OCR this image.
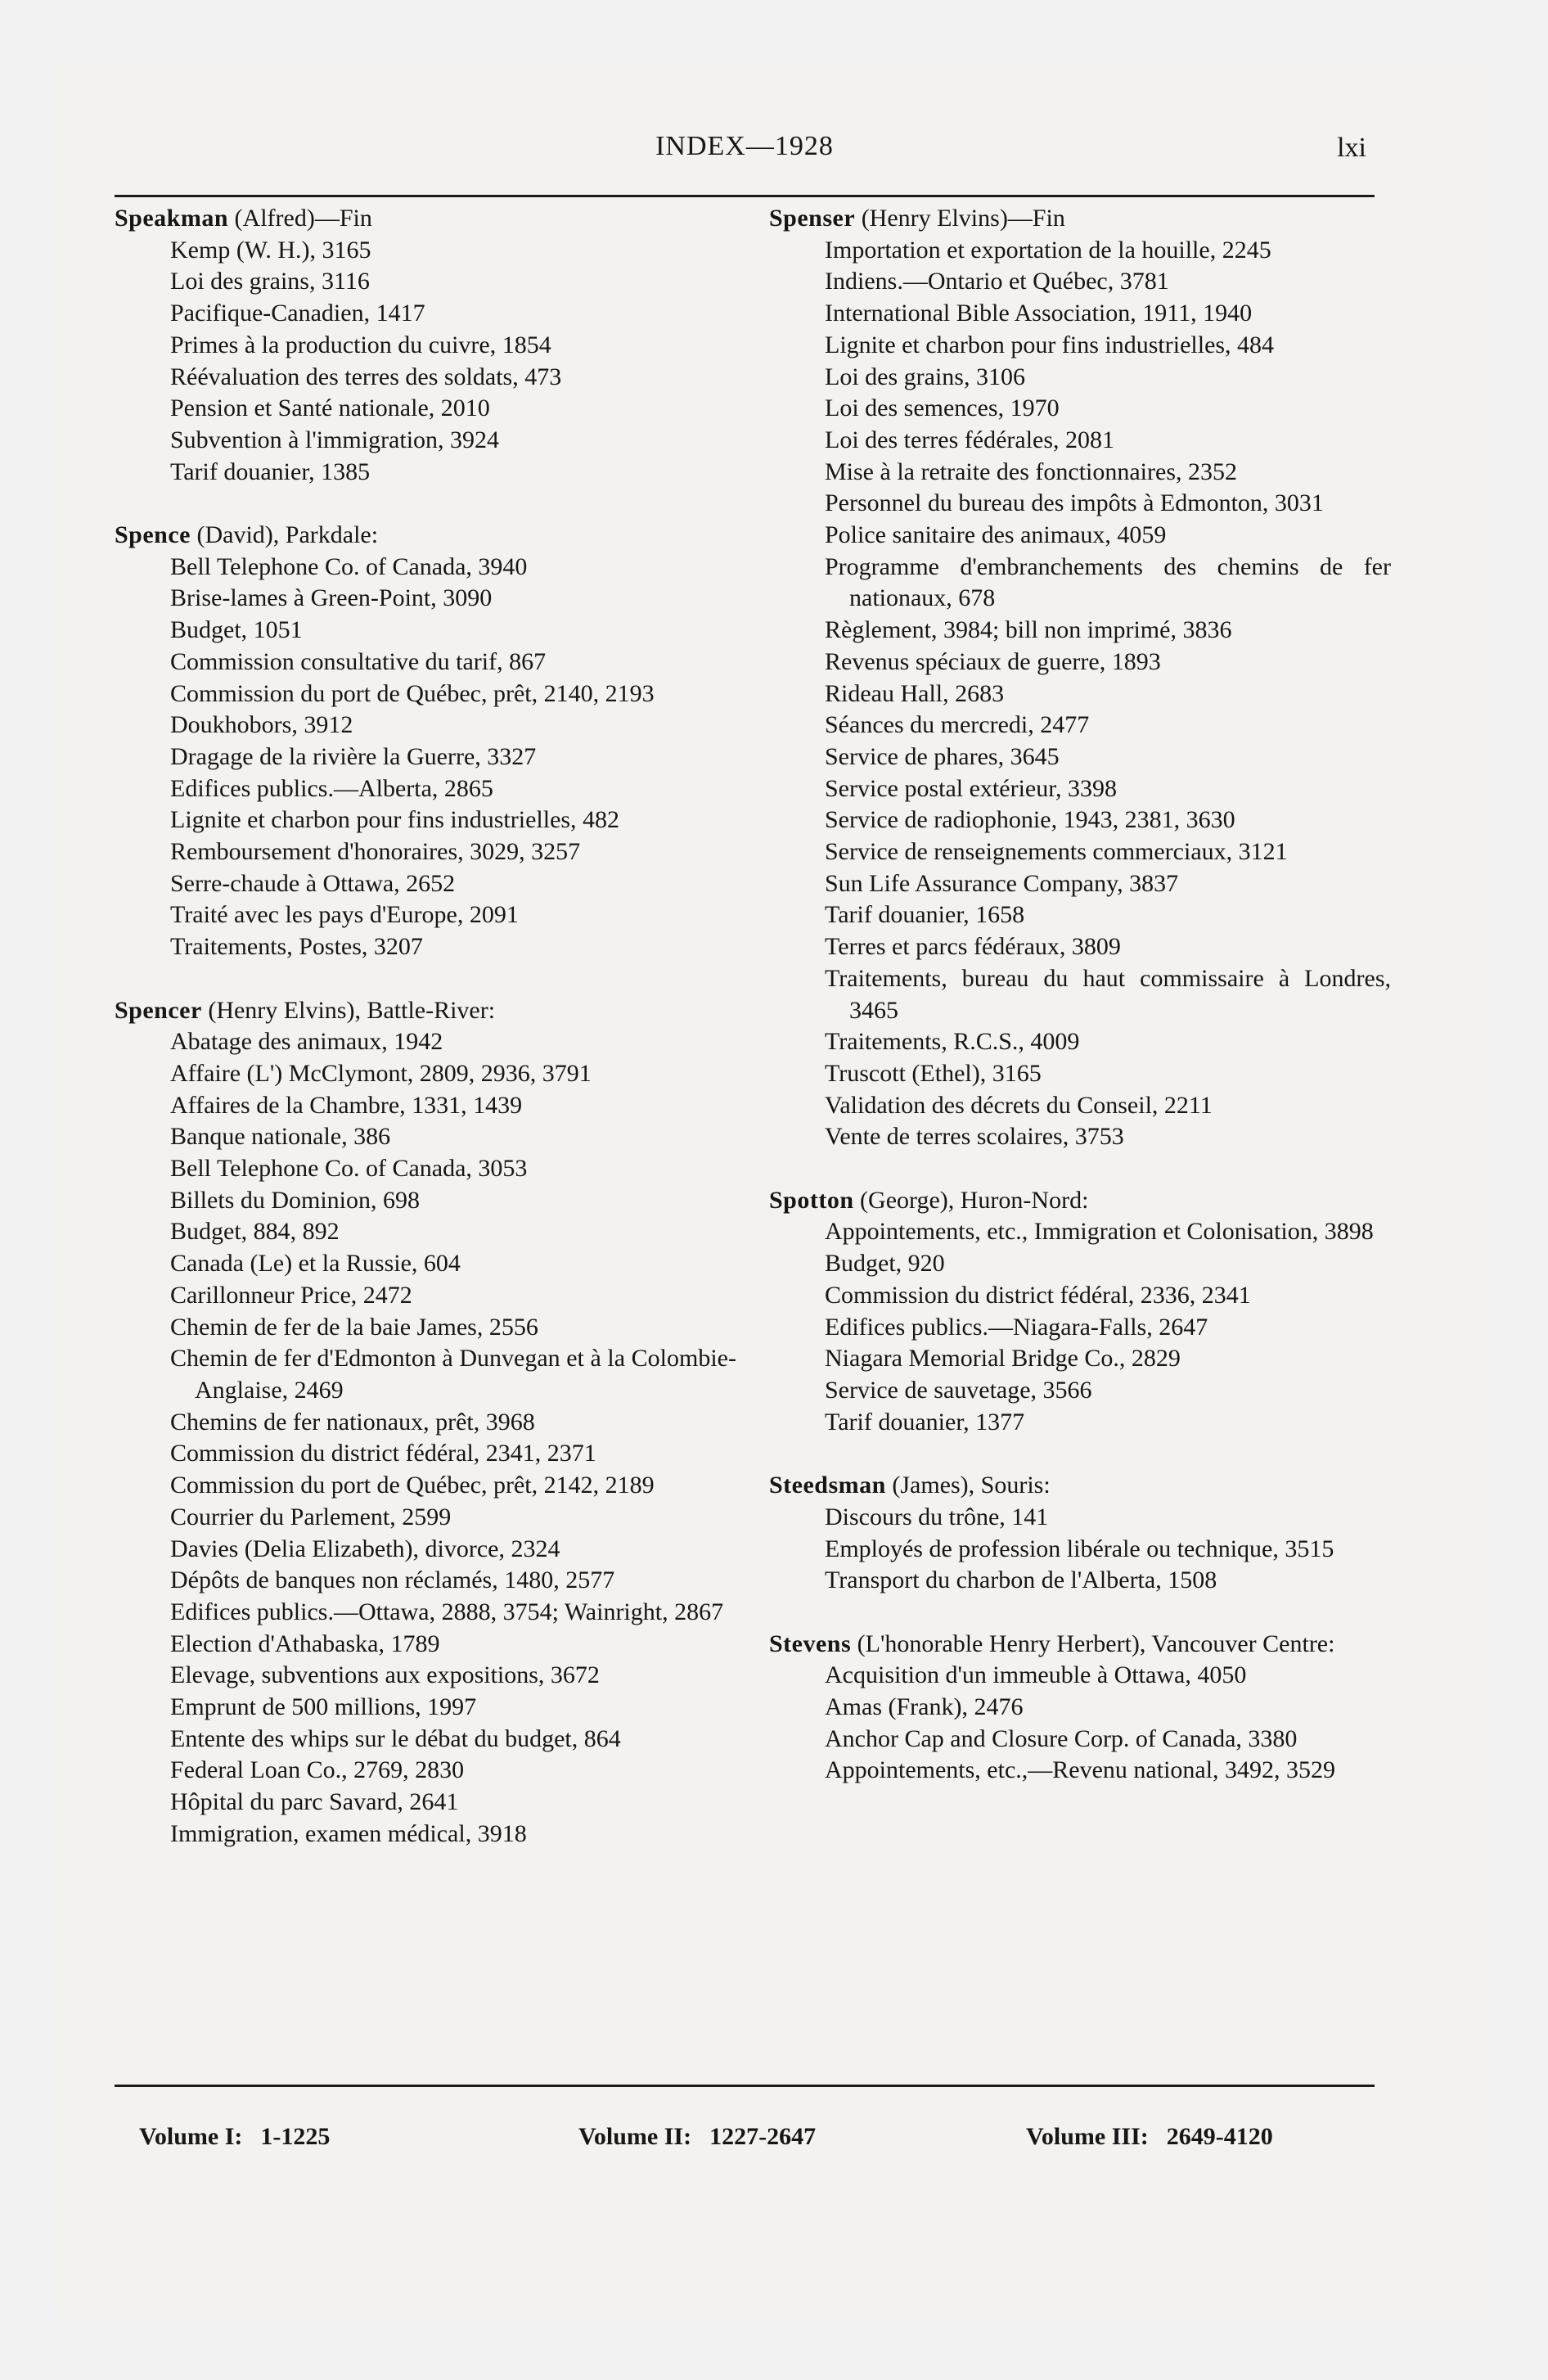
INDEX—1928	lxi
Speakman (Alfred)—Fin
Kemp (W. H.), 3165
Loi des grains, 3116
Pacifique-Canadien, 1417
Primes à la production du cuivre, 1854
Réévaluation des terres des soldats, 473
Pension et Santé nationale, 2010
Subvention à l'immigration, 3924
Tarif douanier, 1385
Spence (David), Parkdale:
Bell Telephone Co. of Canada, 3940
Brise-lames à Green-Point, 3090
Budget, 1051
Commission consultative du tarif, 867
Commission du port de Québec, prêt, 2140, 2193
Doukhobors, 3912
Dragage de la rivière la Guerre, 3327
Edifices publics.—Alberta, 2865
Lignite et charbon pour fins industrielles, 482
Remboursement d'honoraires, 3029, 3257
Serre-chaude à Ottawa, 2652
Traité avec les pays d'Europe, 2091
Traitements, Postes, 3207
Spencer (Henry Elvins), Battle-River:
Abatage des animaux, 1942
Affaire (L') McClymont, 2809, 2936, 3791
Affaires de la Chambre, 1331, 1439
Banque nationale, 386
Bell Telephone Co. of Canada, 3053
Billets du Dominion, 698
Budget, 884, 892
Canada (Le) et la Russie, 604
Carillonneur Price, 2472
Chemin de fer de la baie James, 2556
Chemin de fer d'Edmonton à Dunvegan et à la Colombie-Anglaise, 2469
Chemins de fer nationaux, prêt, 3968
Commission du district fédéral, 2341, 2371
Commission du port de Québec, prêt, 2142, 2189
Courrier du Parlement, 2599
Davies (Delia Elizabeth), divorce, 2324
Dépôts de banques non réclamés, 1480, 2577
Edifices publics.—Ottawa, 2888, 3754; Wainright, 2867
Election d'Athabaska, 1789
Elevage, subventions aux expositions, 3672
Emprunt de 500 millions, 1997
Entente des whips sur le débat du budget, 864
Federal Loan Co., 2769, 2830
Hôpital du parc Savard, 2641
Immigration, examen médical, 3918
Spenser (Henry Elvins)—Fin
Importation et exportation de la houille, 2245
Indiens.—Ontario et Québec, 3781
International Bible Association, 1911, 1940
Lignite et charbon pour fins industrielles, 484
Loi des grains, 3106
Loi des semences, 1970
Loi des terres fédérales, 2081
Mise à la retraite des fonctionnaires, 2352
Personnel du bureau des impôts à Edmonton, 3031
Police sanitaire des animaux, 4059
Programme d'embranchements des chemins de fer nationaux, 678
Règlement, 3984; bill non imprimé, 3836
Revenus spéciaux de guerre, 1893
Rideau Hall, 2683
Séances du mercredi, 2477
Service de phares, 3645
Service postal extérieur, 3398
Service de radiophonie, 1943, 2381, 3630
Service de renseignements commerciaux, 3121
Sun Life Assurance Company, 3837
Tarif douanier, 1658
Terres et parcs fédéraux, 3809
Traitements, bureau du haut commissaire à Londres, 3465
Traitements, R.C.S., 4009
Truscott (Ethel), 3165
Validation des décrets du Conseil, 2211
Vente de terres scolaires, 3753
Spotton (George), Huron-Nord:
Appointements, etc., Immigration et Colonisation, 3898
Budget, 920
Commission du district fédéral, 2336, 2341
Edifices publics.—Niagara-Falls, 2647
Niagara Memorial Bridge Co., 2829
Service de sauvetage, 3566
Tarif douanier, 1377
Steedsman (James), Souris:
Discours du trône, 141
Employés de profession libérale ou technique, 3515
Transport du charbon de l'Alberta, 1508
Stevens (L'honorable Henry Herbert), Vancouver Centre:
Acquisition d'un immeuble à Ottawa, 4050
Amas (Frank), 2476
Anchor Cap and Closure Corp. of Canada, 3380
Appointements, etc.,—Revenu national, 3492, 3529
Volume I: 1-1225	Volume II: 1227-2647	Volume III: 2649-4120
